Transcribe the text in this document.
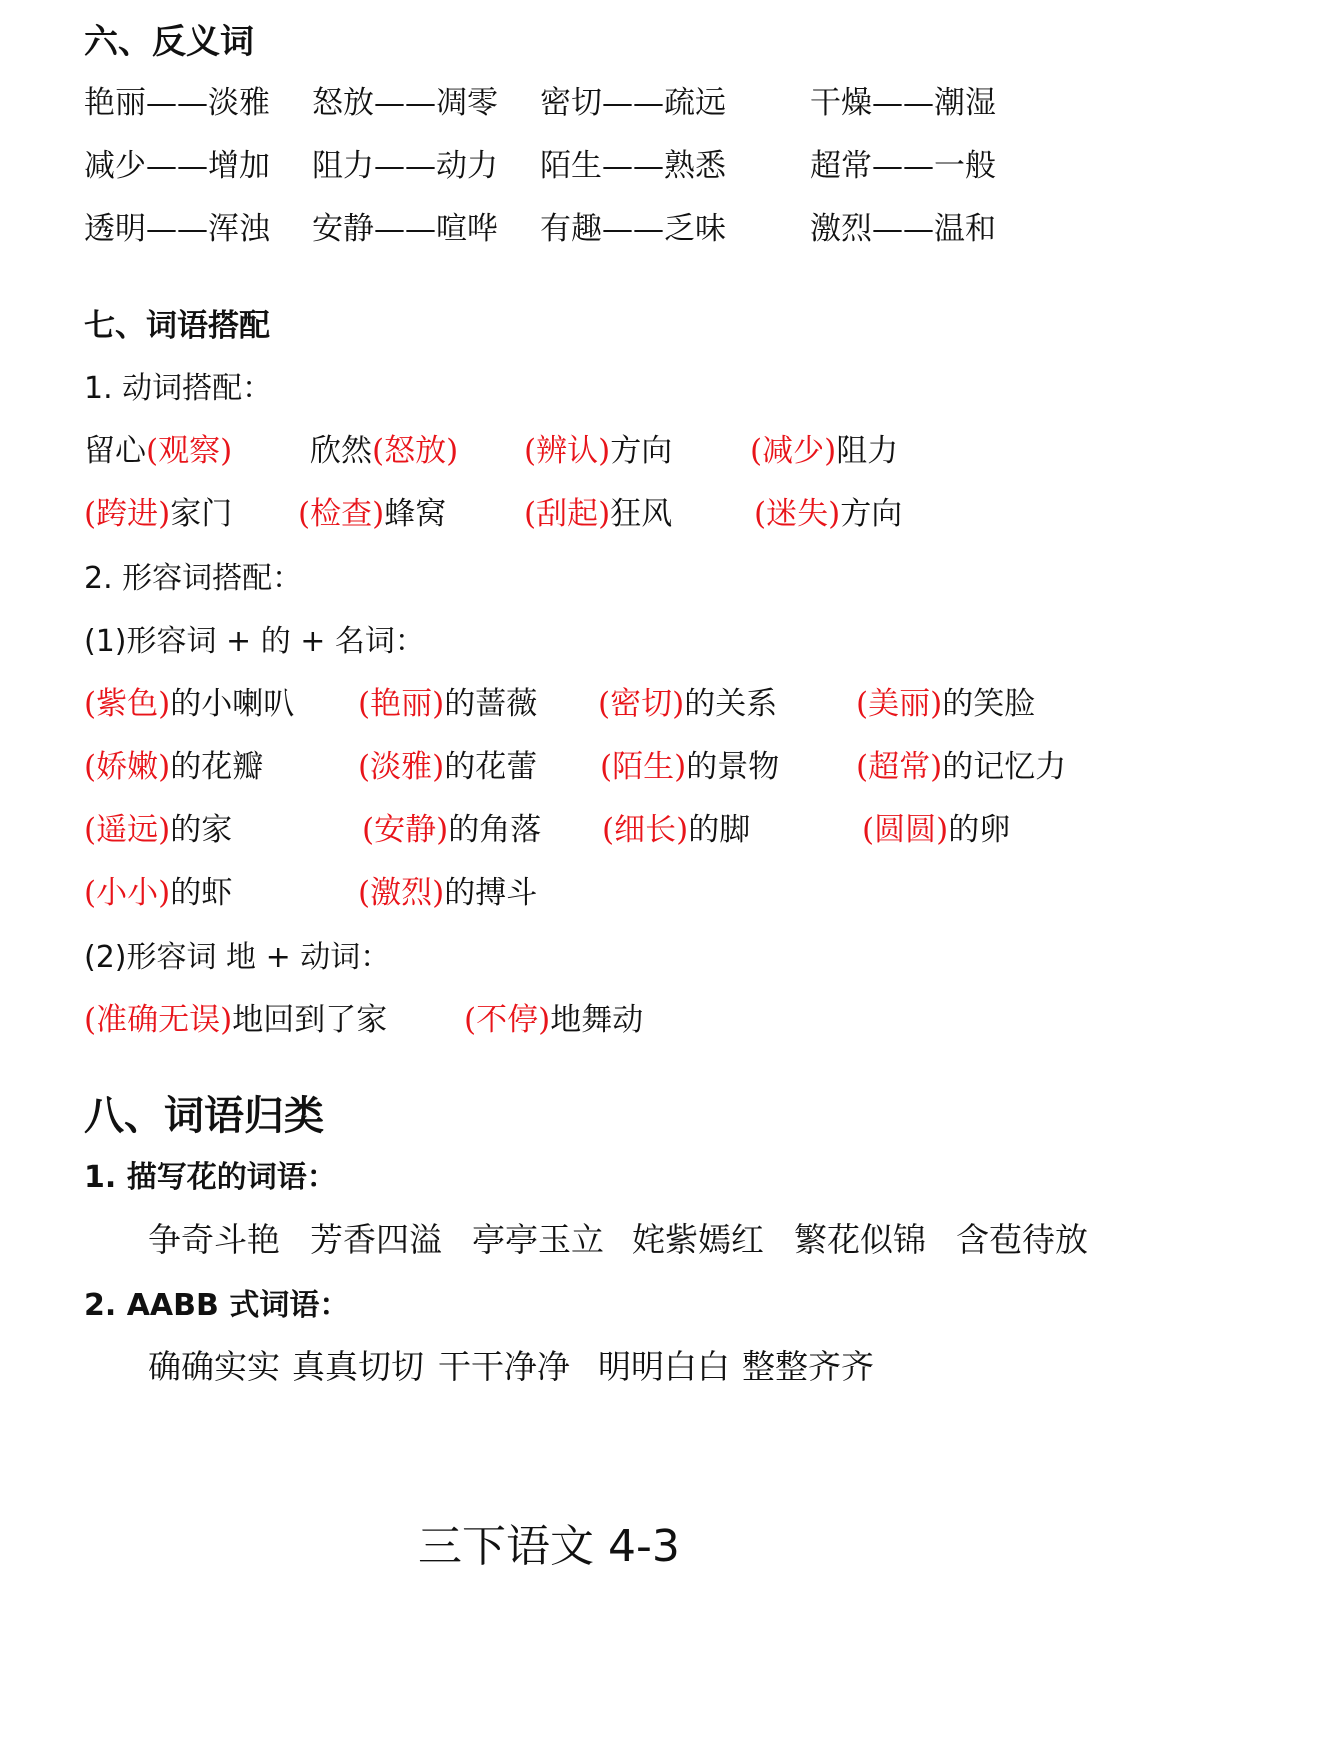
六、反义词
艳丽——淡雅 怒放——凋零 密切——疏远	干燥——潮湿
减少——增加 阻力——动力 陌生——熟悉	超常——一般
透明——浑浊 安静——喧哗 有趣——乏味	激烈——温和
七、词语搭配
1. 动词搭配：
留心(观察)	欣然(怒放) (辨认)方向	(减少)阻力
(跨进)家门 (检查)蜂窝	(刮起)狂风	(迷失)方向
2. 形容词搭配：
(1)形容词 + 的 + 名词：
(紫色)的小喇叭 (艳丽)的蔷薇 (密切)的关系	(美丽)的笑脸
(娇嫩)的花瓣	(淡雅)的花蕾 (陌生)的景物 (超常)的记忆力
(遥远)的家	(安静)的角落 (细长)的脚	(圆圆)的卵
(小小)的虾	(激烈)的搏斗
(2)形容词 地 + 动词：
(准确无误)地回到了家 (不停)地舞动
八、词语归类
1. 描写花的词语：
争奇斗艳 芳香四溢 亭亭玉立 姹紫嫣红 繁花似锦 含苞待放
2. AABB 式词语：
确确实实 真真切切 干干净净 明明白白 整整齐齐
三下语文 4-3
